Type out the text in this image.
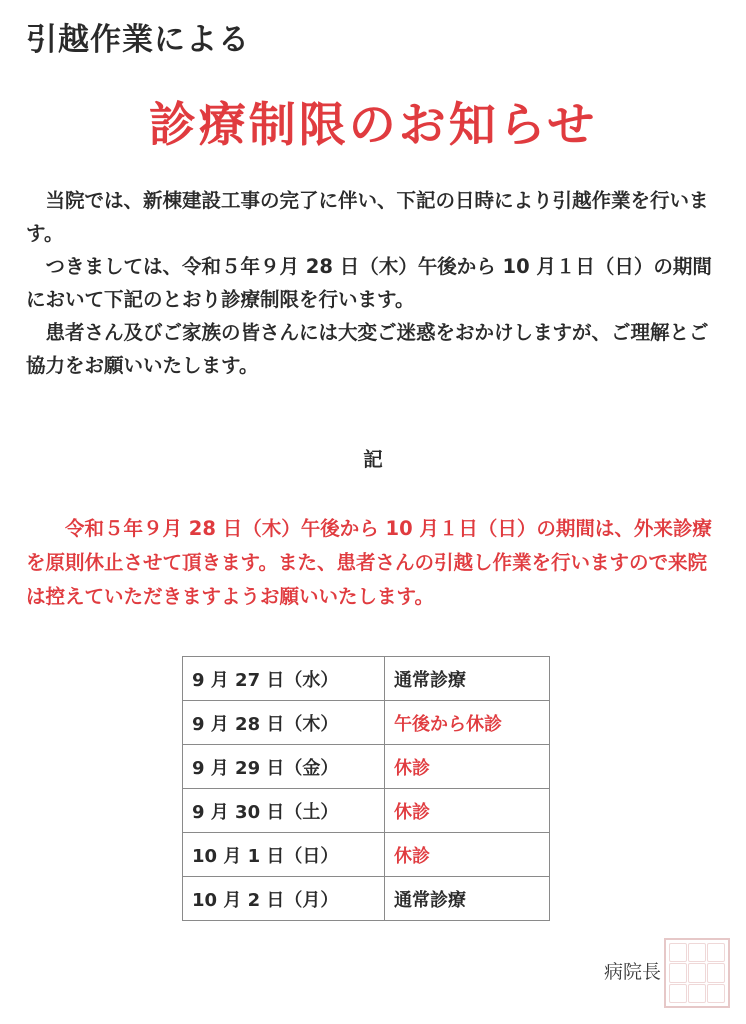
引越作業による
診療制限のお知らせ

当院では、新棟建設工事の完了に伴い、下記の日時により引越作業を行います。

つきましては、令和５年９月 28 日（木）午後から 10 月１日（日）の期間において下記のとおり診療制限を行います。

患者さん及びご家族の皆さんには大変ご迷惑をおかけしますが、ご理解とご協力をお願いいたします。

記

令和５年９月 28 日（木）午後から 10 月１日（日）の期間は、外来診療を原則休止させて頂きます。また、患者さんの引越し作業を行いますので来院は控えていただきますようお願いいたします。

9 月 27 日（水）	通常診療
9 月 28 日（木）	午後から休診
9 月 29 日（金）	休診
9 月 30 日（土）	休診
10 月 1 日（日）	休診
10 月 2 日（月）	通常診療
病院長
